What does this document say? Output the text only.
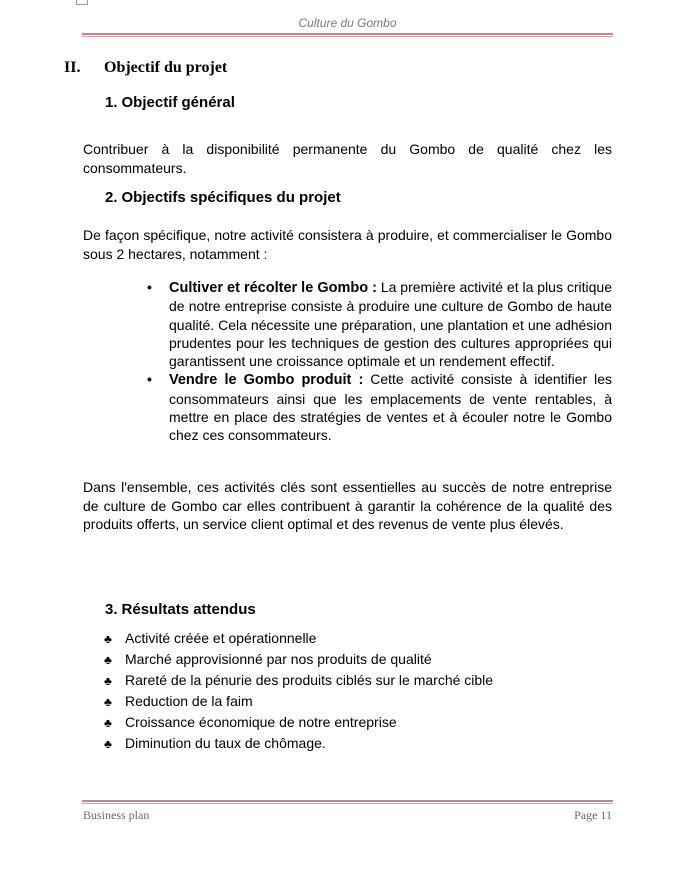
Culture du Gombo
II. Objectif du projet
1. Objectif général
Contribuer à la disponibilité permanente du Gombo de qualité chez les consommateurs.
2. Objectifs spécifiques du projet
De façon spécifique, notre activité consistera à produire, et commercialiser le Gombo sous 2 hectares, notamment :
• Cultiver et récolter le Gombo : La première activité et la plus critique de notre entreprise consiste à produire une culture de Gombo de haute qualité. Cela nécessite une préparation, une plantation et une adhésion prudentes pour les techniques de gestion des cultures appropriées qui garantissent une croissance optimale et un rendement effectif.
• Vendre le Gombo produit : Cette activité consiste à identifier les consommateurs ainsi que les emplacements de vente rentables, à mettre en place des stratégies de ventes et à écouler notre le Gombo chez ces consommateurs.
Dans l'ensemble, ces activités clés sont essentielles au succès de notre entreprise de culture de Gombo car elles contribuent à garantir la cohérence de la qualité des produits offerts, un service client optimal et des revenus de vente plus élevés.
3. Résultats attendus
♣ Activité créée et opérationnelle
♣ Marché approvisionné par nos produits de qualité
♣ Rareté de la pénurie des produits ciblés sur le marché cible
♣ Reduction de la faim
♣ Croissance économique de notre entreprise
♣ Diminution du taux de chômage.
Business plan	Page 11
